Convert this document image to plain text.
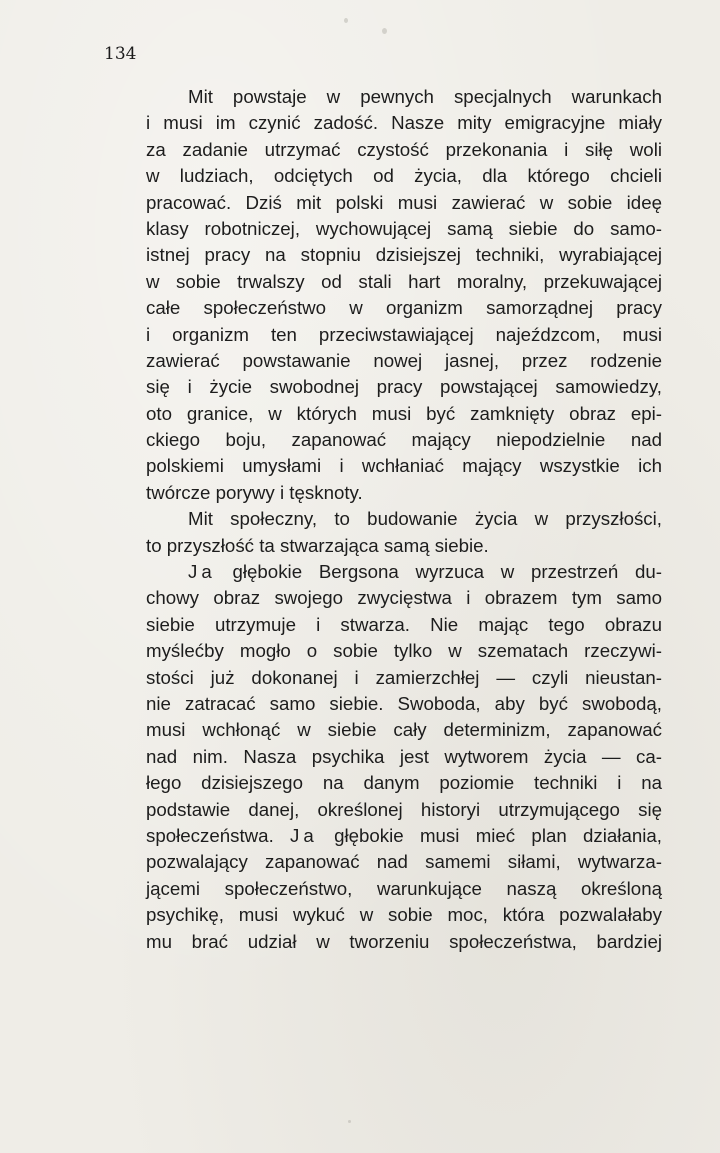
134
Mit powstaje w pewnych specjalnych warunkach
i musi im czynić zadość. Nasze mity emigracyjne miały
za zadanie utrzymać czystość przekonania i siłę woli
w ludziach, odciętych od życia, dla którego chcieli
pracować. Dziś mit polski musi zawierać w sobie ideę
klasy robotniczej, wychowującej samą siebie do samo-
istnej pracy na stopniu dzisiejszej techniki, wyrabiającej
w sobie trwalszy od stali hart moralny, przekuwającej
całe społeczeństwo w organizm samorządnej pracy
i organizm ten przeciwstawiającej najeźdzcom, musi
zawierać powstawanie nowej jasnej, przez rodzenie
się i życie swobodnej pracy powstającej samowiedzy,
oto granice, w których musi być zamknięty obraz epi-
ckiego boju, zapanować mający niepodzielnie nad
polskiemi umysłami i wchłaniać mający wszystkie ich
twórcze porywy i tęsknoty.
Mit społeczny, to budowanie życia w przyszłości,
to przyszłość ta stwarzająca samą siebie.
Ja głębokie Bergsona wyrzuca w przestrzeń du-
chowy obraz swojego zwycięstwa i obrazem tym samo
siebie utrzymuje i stwarza. Nie mając tego obrazu
myślećby mogło o sobie tylko w szematach rzeczywi-
stości już dokonanej i zamierzchłej — czyli nieustan-
nie zatracać samo siebie. Swoboda, aby być swobodą,
musi wchłonąć w siebie cały determinizm, zapanować
nad nim. Nasza psychika jest wytworem życia — ca-
łego dzisiejszego na danym poziomie techniki i na
podstawie danej, określonej historyi utrzymującego się
społeczeństwa. Ja głębokie musi mieć plan działania,
pozwalający zapanować nad samemi siłami, wytwarza-
jącemi społeczeństwo, warunkujące naszą określoną
psychikę, musi wykuć w sobie moc, która pozwalałaby
mu brać udział w tworzeniu społeczeństwa, bardziej
